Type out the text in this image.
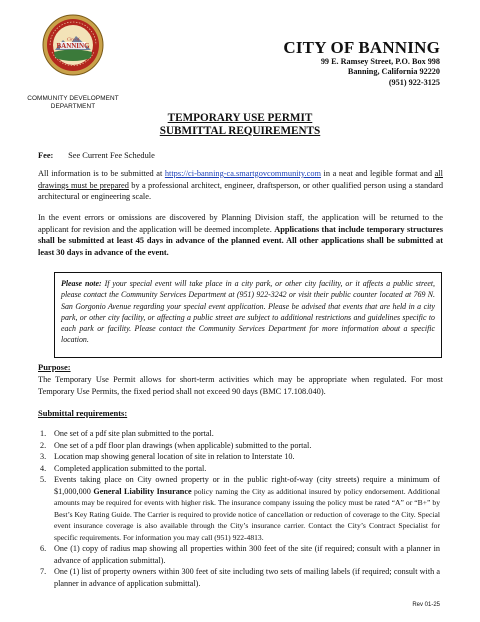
City of
BANNING
COMMUNITY DEVELOPMENT DEPARTMENT
CITY OF BANNING
99 E. Ramsey Street, P.O. Box 998
Banning, California 92220
(951) 922-3125
TEMPORARY USE PERMIT
SUBMITTAL REQUIREMENTS
Fee: See Current Fee Schedule
All information is to be submitted at https://ci-banning-ca.smartgovcommunity.com in a neat and legible format and all drawings must be prepared by a professional architect, engineer, draftsperson, or other qualified person using a standard architectural or engineering scale.
In the event errors or omissions are discovered by Planning Division staff, the application will be returned to the applicant for revision and the application will be deemed incomplete. Applications that include temporary structures shall be submitted at least 45 days in advance of the planned event. All other applications shall be submitted at least 30 days in advance of the event.
Please note: If your special event will take place in a city park, or other city facility, or it affects a public street, please contact the Community Services Department at (951) 922-3242 or visit their public counter located at 769 N. San Gorgonio Avenue regarding your special event application. Please be advised that events that are held in a city park, or other city facility, or affecting a public street are subject to additional restrictions and guidelines specific to each park or facility. Please contact the Community Services Department for more information about a specific location.
Purpose:
The Temporary Use Permit allows for short-term activities which may be appropriate when regulated. For most Temporary Use Permits, the fixed period shall not exceed 90 days (BMC 17.108.040).
Submittal requirements:
1. One set of a pdf site plan submitted to the portal.
2. One set of a pdf floor plan drawings (when applicable) submitted to the portal.
3. Location map showing general location of site in relation to Interstate 10.
4. Completed application submitted to the portal.
5. Events taking place on City owned property or in the public right-of-way (city streets) require a minimum of $1,000,000 General Liability Insurance policy naming the City as additional insured by policy endorsement. Additional amounts may be required for events with higher risk. The insurance company issuing the policy must be rated “A” or “B+” by Best’s Key Rating Guide. The Carrier is required to provide notice of cancellation or reduction of coverage to the City. Special event insurance coverage is also available through the City’s insurance carrier. Contact the City’s Contract Specialist for specific requirements. For information you may call (951) 922-4813.
6. One (1) copy of radius map showing all properties within 300 feet of the site (if required; consult with a planner in advance of application submittal).
7. One (1) list of property owners within 300 feet of site including two sets of mailing labels (if required; consult with a planner in advance of application submittal).
Rev 01-25
